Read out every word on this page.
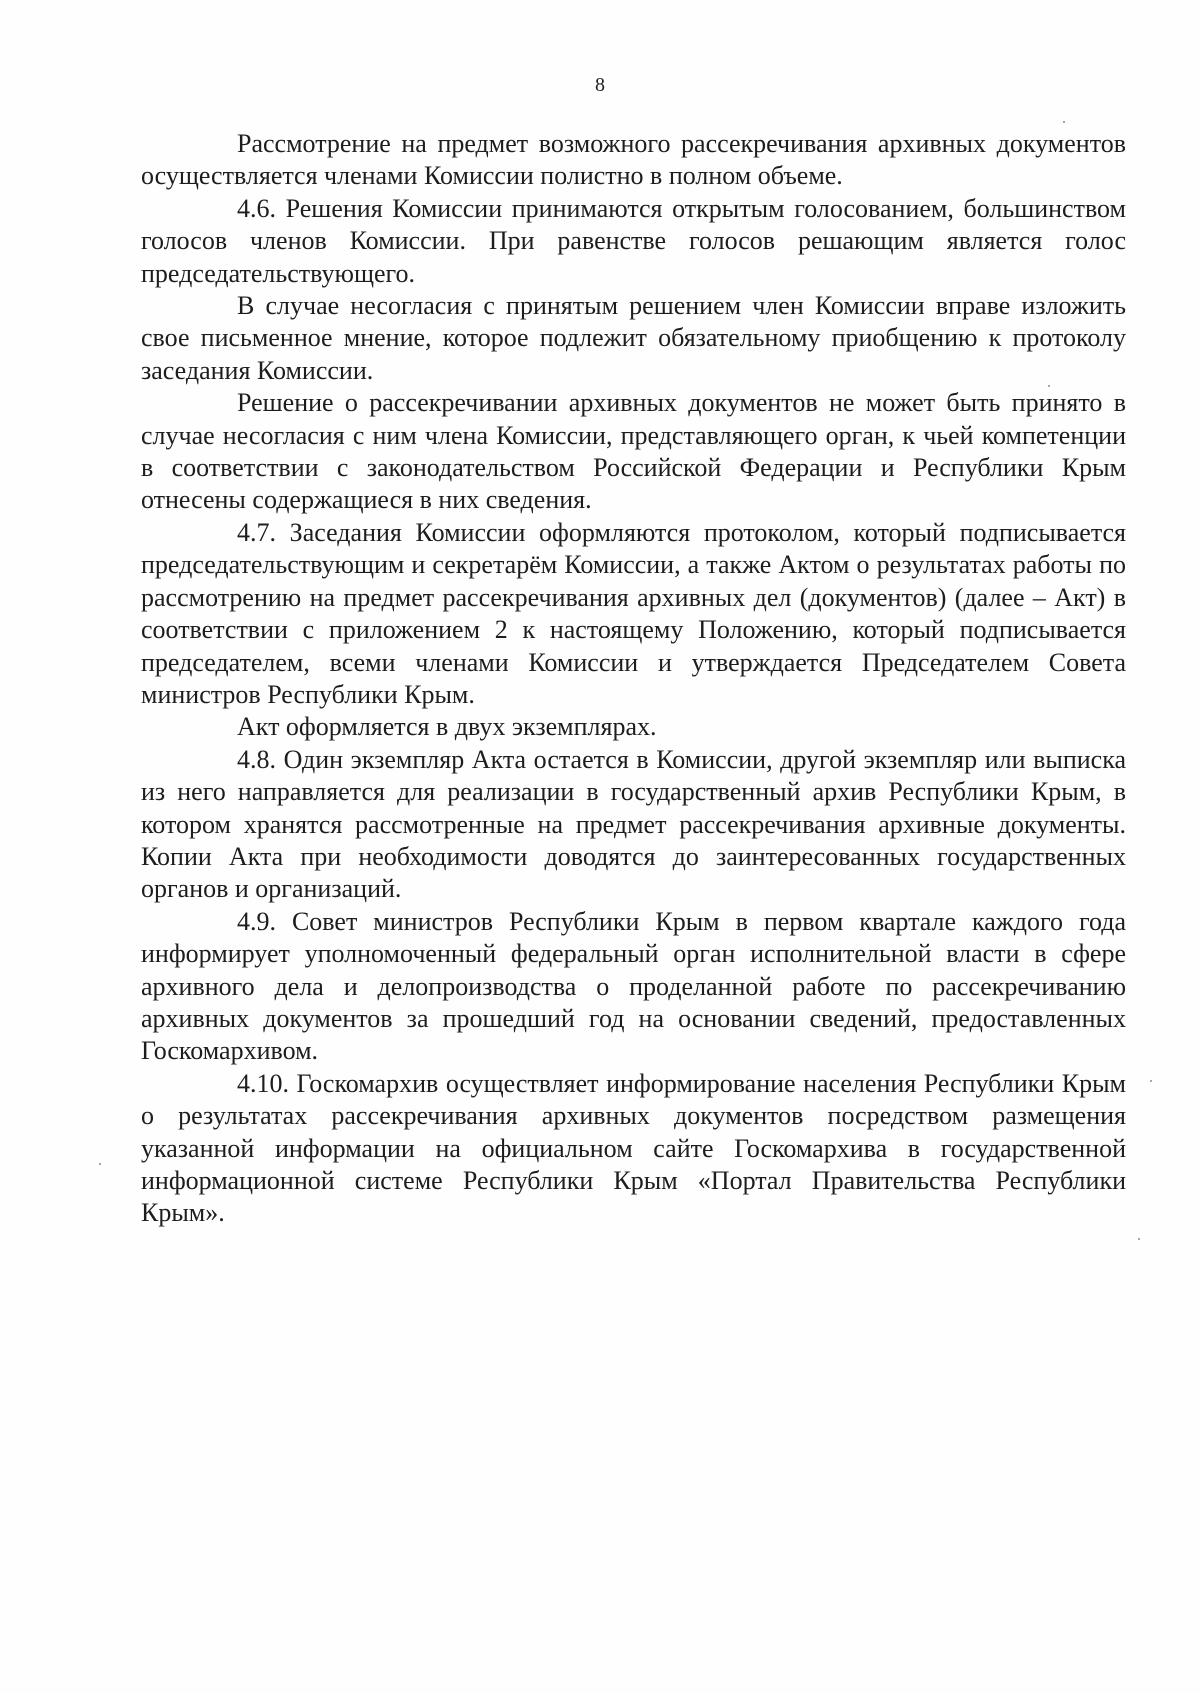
8

Рассмотрение на предмет возможного рассекречивания архивных документов осуществляется членами Комиссии полистно в полном объеме.

4.6. Решения Комиссии принимаются открытым голосованием, большинством голосов членов Комиссии. При равенстве голосов решающим является голос председательствующего.

В случае несогласия с принятым решением член Комиссии вправе изложить свое письменное мнение, которое подлежит обязательному приобщению к протоколу заседания Комиссии.

Решение о рассекречивании архивных документов не может быть принято в случае несогласия с ним члена Комиссии, представляющего орган, к чьей компетенции в соответствии с законодательством Российской Федерации и Республики Крым отнесены содержащиеся в них сведения.

4.7. Заседания Комиссии оформляются протоколом, который подписывается председательствующим и секретарём Комиссии, а также Актом о результатах работы по рассмотрению на предмет рассекречивания архивных дел (документов) (далее – Акт) в соответствии с приложением 2 к настоящему Положению, который подписывается председателем, всеми членами Комиссии и утверждается Председателем Совета министров Республики Крым.

Акт оформляется в двух экземплярах.

4.8. Один экземпляр Акта остается в Комиссии, другой экземпляр или выписка из него направляется для реализации в государственный архив Республики Крым, в котором хранятся рассмотренные на предмет рассекречивания архивные документы. Копии Акта при необходимости доводятся до заинтересованных государственных органов и организаций.

4.9. Совет министров Республики Крым в первом квартале каждого года информирует уполномоченный федеральный орган исполнительной власти в сфере архивного дела и делопроизводства о проделанной работе по рассекречиванию архивных документов за прошедший год на основании сведений, предоставленных Госкомархивом.

4.10. Госкомархив осуществляет информирование населения Республики Крым о результатах рассекречивания архивных документов посредством размещения указанной информации на официальном сайте Госкомархива в государственной информационной системе Республики Крым «Портал Правительства Республики Крым».
